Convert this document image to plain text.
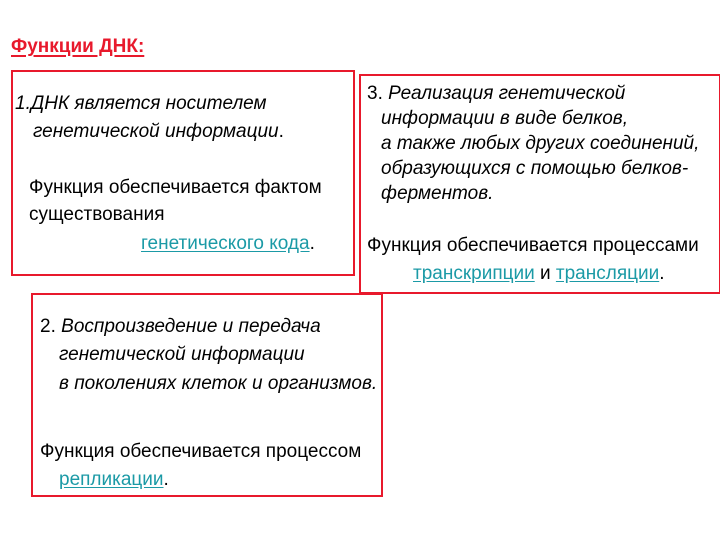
Функции ДНК:
1.ДНК является носителем
генетической информации.
Функция обеспечивается фактом
существования
генетического кода.
3. Реализация генетической
информации в виде белков,
а также любых других соединений,
образующихся с помощью белков-
ферментов.
Функция обеспечивается процессами
транскрипции и трансляции.
2. Воспроизведение и передача
генетической информации
в поколениях клеток и организмов.
Функция обеспечивается процессом
репликации.
